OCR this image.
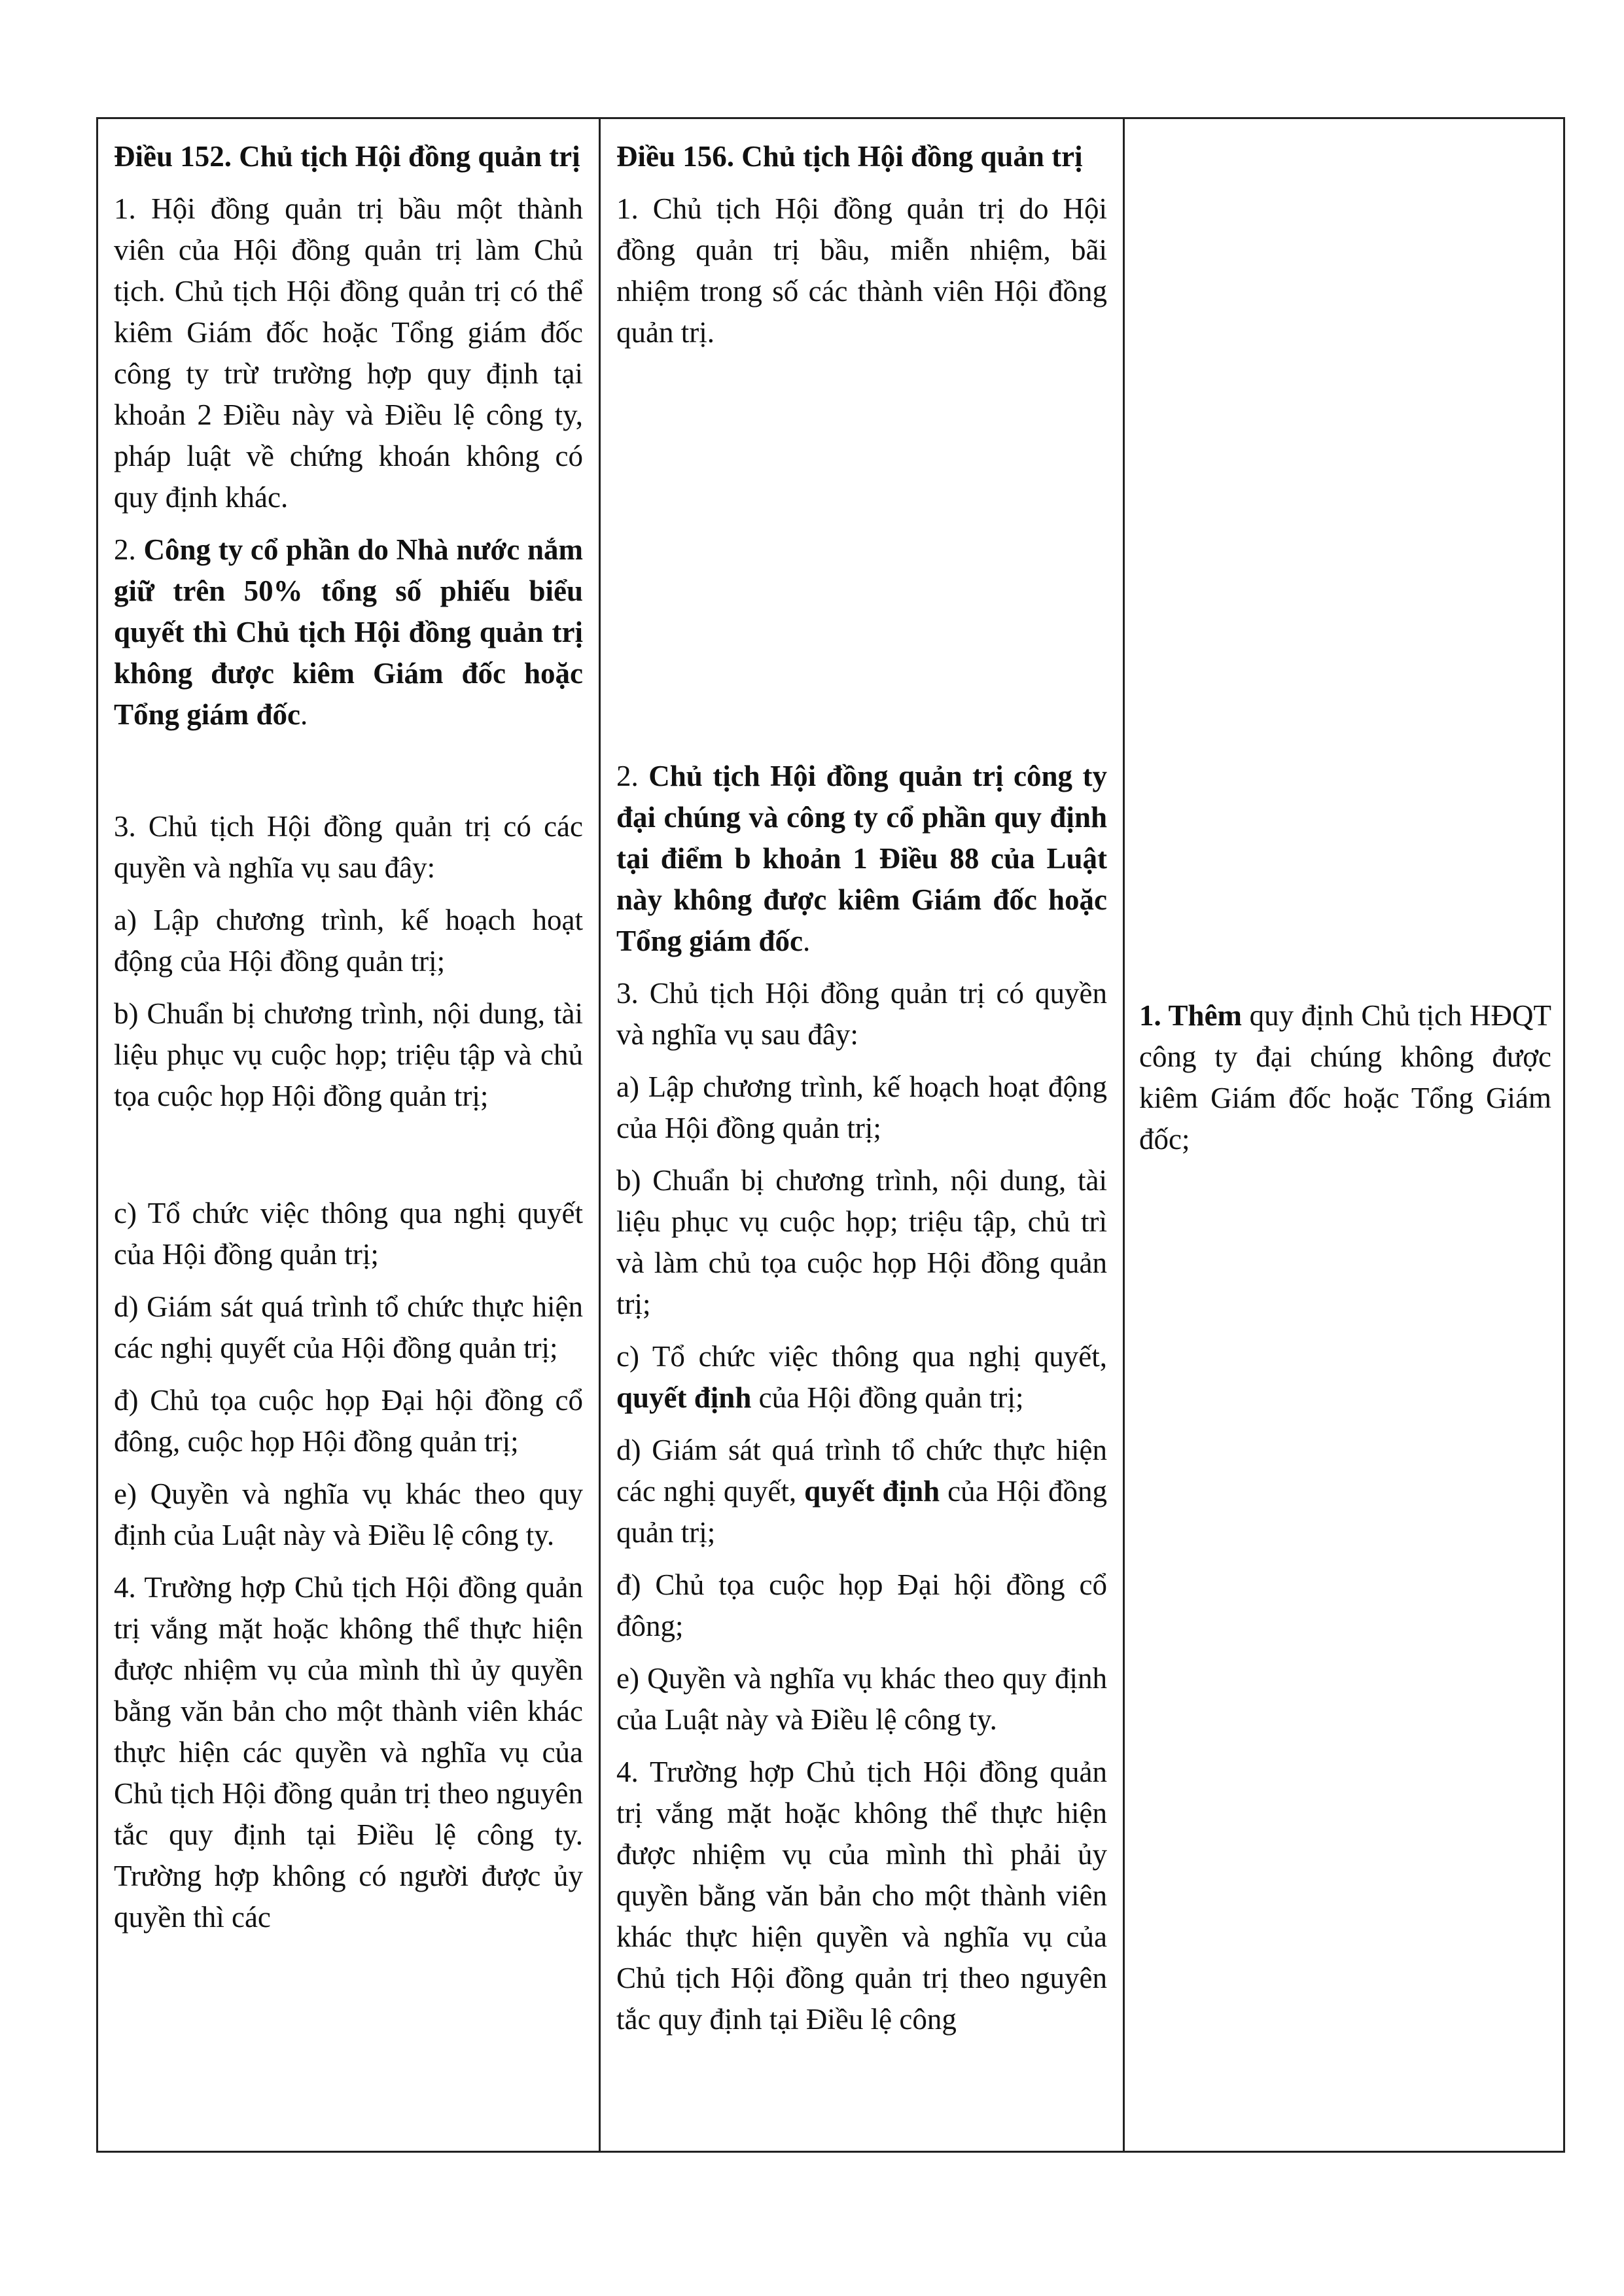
Điều 152. Chủ tịch Hội đồng quản trị

1. Hội đồng quản trị bầu một thành viên của Hội đồng quản trị làm Chủ tịch. Chủ tịch Hội đồng quản trị có thể kiêm Giám đốc hoặc Tổng giám đốc công ty trừ trường hợp quy định tại khoản 2 Điều này và Điều lệ công ty, pháp luật về chứng khoán không có quy định khác.

2. Công ty cổ phần do Nhà nước nắm giữ trên 50% tổng số phiếu biểu quyết thì Chủ tịch Hội đồng quản trị không được kiêm Giám đốc hoặc Tổng giám đốc.

3. Chủ tịch Hội đồng quản trị có các quyền và nghĩa vụ sau đây:

a) Lập chương trình, kế hoạch hoạt động của Hội đồng quản trị;

b) Chuẩn bị chương trình, nội dung, tài liệu phục vụ cuộc họp; triệu tập và chủ tọa cuộc họp Hội đồng quản trị;

c) Tổ chức việc thông qua nghị quyết của Hội đồng quản trị;

d) Giám sát quá trình tổ chức thực hiện các nghị quyết của Hội đồng quản trị;

đ) Chủ tọa cuộc họp Đại hội đồng cổ đông, cuộc họp Hội đồng quản trị;

e) Quyền và nghĩa vụ khác theo quy định của Luật này và Điều lệ công ty.

4. Trường hợp Chủ tịch Hội đồng quản trị vắng mặt hoặc không thể thực hiện được nhiệm vụ của mình thì ủy quyền bằng văn bản cho một thành viên khác thực hiện các quyền và nghĩa vụ của Chủ tịch Hội đồng quản trị theo nguyên tắc quy định tại Điều lệ công ty. Trường hợp không có người được ủy quyền thì các

Điều 156. Chủ tịch Hội đồng quản trị

1. Chủ tịch Hội đồng quản trị do Hội đồng quản trị bầu, miễn nhiệm, bãi nhiệm trong số các thành viên Hội đồng quản trị.

2. Chủ tịch Hội đồng quản trị công ty đại chúng và công ty cổ phần quy định tại điểm b khoản 1 Điều 88 của Luật này không được kiêm Giám đốc hoặc Tổng giám đốc.

3. Chủ tịch Hội đồng quản trị có quyền và nghĩa vụ sau đây:

a) Lập chương trình, kế hoạch hoạt động của Hội đồng quản trị;

b) Chuẩn bị chương trình, nội dung, tài liệu phục vụ cuộc họp; triệu tập, chủ trì và làm chủ tọa cuộc họp Hội đồng quản trị;

c) Tổ chức việc thông qua nghị quyết, quyết định của Hội đồng quản trị;

d) Giám sát quá trình tổ chức thực hiện các nghị quyết, quyết định của Hội đồng quản trị;

đ) Chủ tọa cuộc họp Đại hội đồng cổ đông;

e) Quyền và nghĩa vụ khác theo quy định của Luật này và Điều lệ công ty.

4. Trường hợp Chủ tịch Hội đồng quản trị vắng mặt hoặc không thể thực hiện được nhiệm vụ của mình thì phải ủy quyền bằng văn bản cho một thành viên khác thực hiện quyền và nghĩa vụ của Chủ tịch Hội đồng quản trị theo nguyên tắc quy định tại Điều lệ công

1. Thêm quy định Chủ tịch HĐQT công ty đại chúng không được kiêm Giám đốc hoặc Tổng Giám đốc;
